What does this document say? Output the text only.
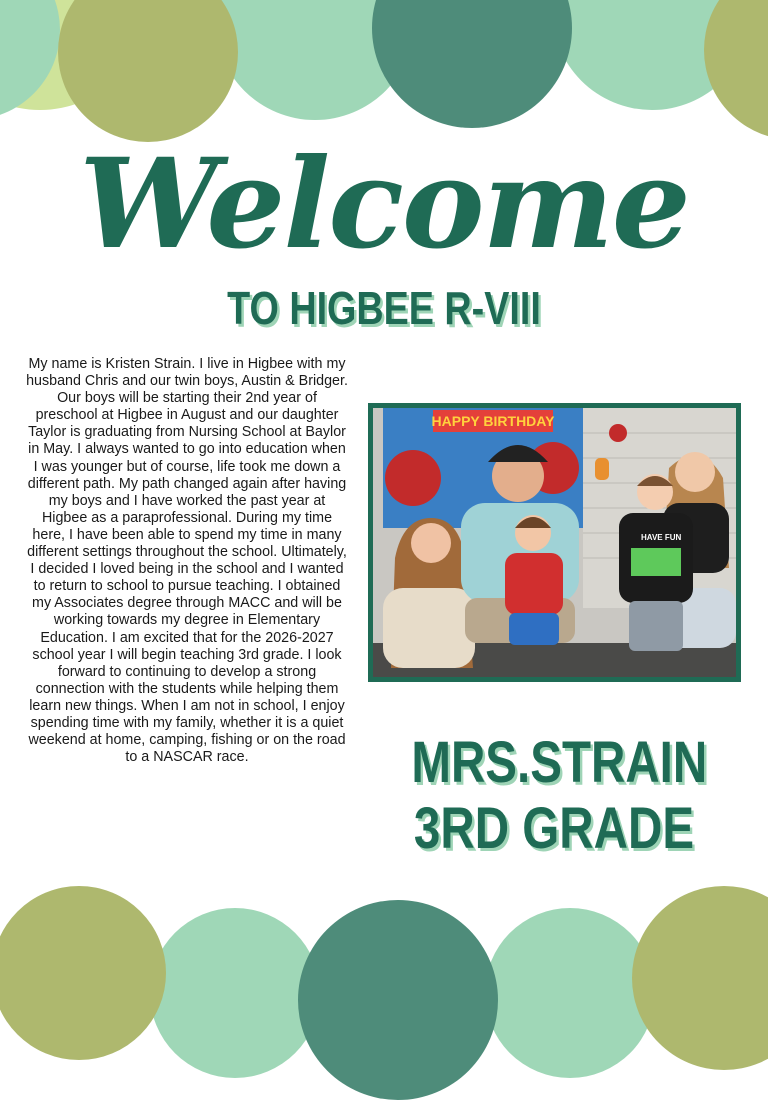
Welcome
TO HIGBEE R-VIII

My name is Kristen Strain. I live in Higbee with my husband Chris and our twin boys, Austin & Bridger. Our boys will be starting their 2nd year of preschool at Higbee in August and our daughter Taylor is graduating from Nursing School at Baylor in May. I always wanted to go into education when I was younger but of course, life took me down a different path. My path changed again after having my boys and I have worked the past year at Higbee as a paraprofessional. During my time here, I have been able to spend my time in many different settings throughout the school. Ultimately, I decided I loved being in the school and I wanted to return to school to pursue teaching. I obtained my Associates degree through MACC and will be working towards my degree in Elementary Education. I am excited that for the 2026-2027 school year I will begin teaching 3rd grade. I look forward to continuing to develop a strong connection with the students while helping them learn new things. When I am not in school, I enjoy spending time with my family, whether it is a quiet weekend at home, camping, fishing or on the road to a NASCAR race.

HAPPY BIRTHDAY
HAVE FUN
MRS.STRAIN
3RD GRADE
